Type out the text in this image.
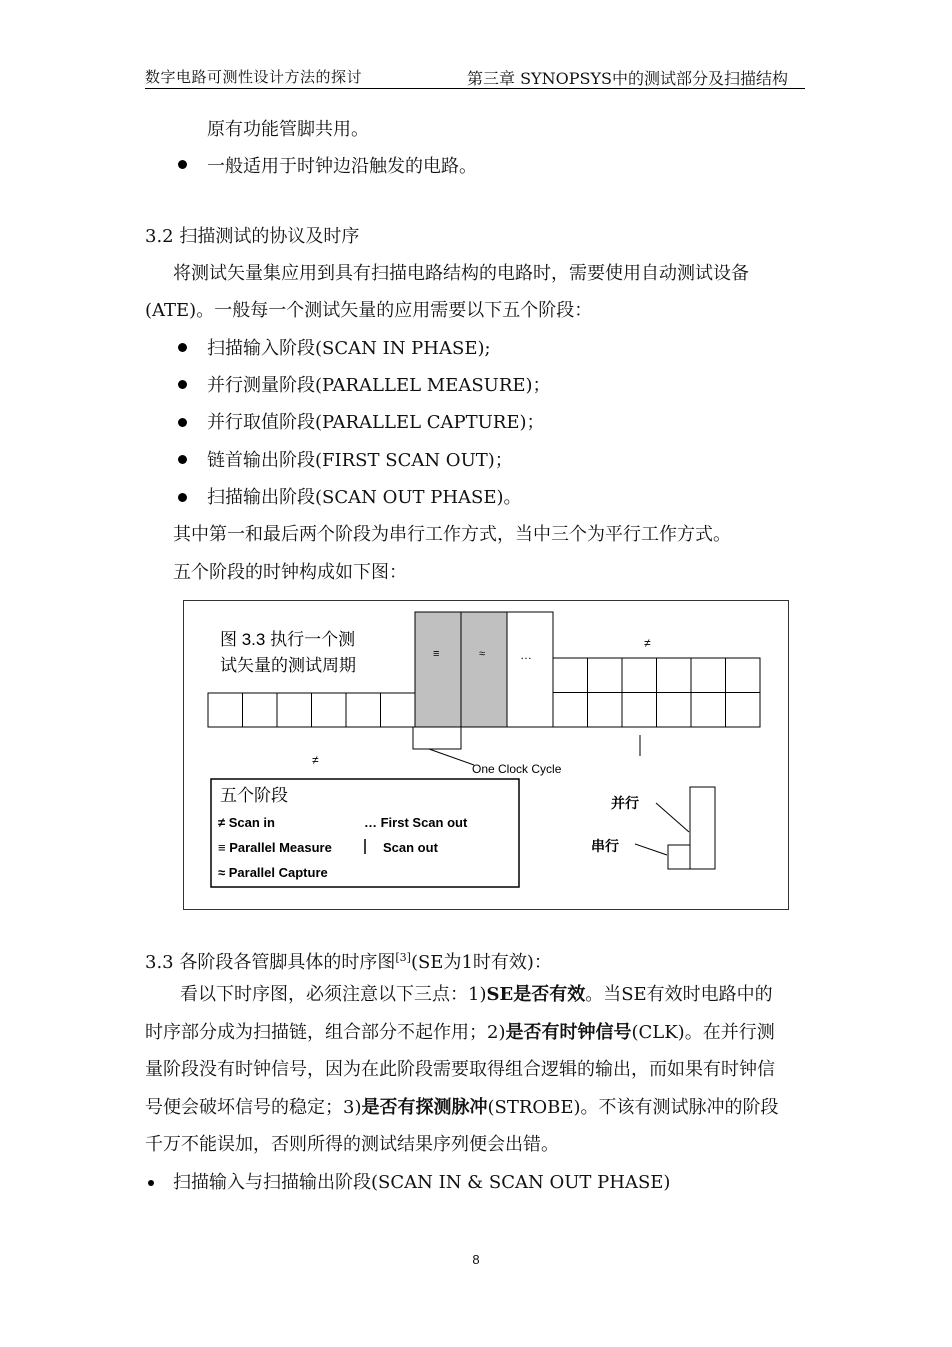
数字电路可测性设计方法的探讨	第三章 SYNOPSYS中的测试部分及扫描结构
原有功能管脚共用。
一般适用于时钟边沿触发的电路。
3.2 扫描测试的协议及时序
将测试矢量集应用到具有扫描电路结构的电路时，需要使用自动测试设备
(ATE)。一般每一个测试矢量的应用需要以下五个阶段：
扫描输入阶段(SCAN IN PHASE);
并行测量阶段(PARALLEL MEASURE)；
并行取值阶段(PARALLEL CAPTURE)；
链首输出阶段(FIRST SCAN OUT)；
扫描输出阶段(SCAN OUT PHASE)。
其中第一和最后两个阶段为串行工作方式，当中三个为平行工作方式。
五个阶段的时钟构成如下图：
图 3.3 执行一个测
试矢量的测试周期
≡	≈	…
≠
≠
One Clock Cycle
五个阶段
≠ Scan in	… First Scan out
≡ Parallel Measure	Scan out
≈ Parallel Capture
并行
串行
3.3 各阶段各管脚具体的时序图[3](SE为1时有效)：
看以下时序图，必须注意以下三点：1)SE是否有效。当SE有效时电路中的
时序部分成为扫描链，组合部分不起作用；2)是否有时钟信号(CLK)。在并行测
量阶段没有时钟信号，因为在此阶段需要取得组合逻辑的输出，而如果有时钟信
号便会破坏信号的稳定；3)是否有探测脉冲(STROBE)。不该有测试脉冲的阶段
千万不能误加，否则所得的测试结果序列便会出错。
扫描输入与扫描输出阶段(SCAN IN & SCAN OUT PHASE)
8
